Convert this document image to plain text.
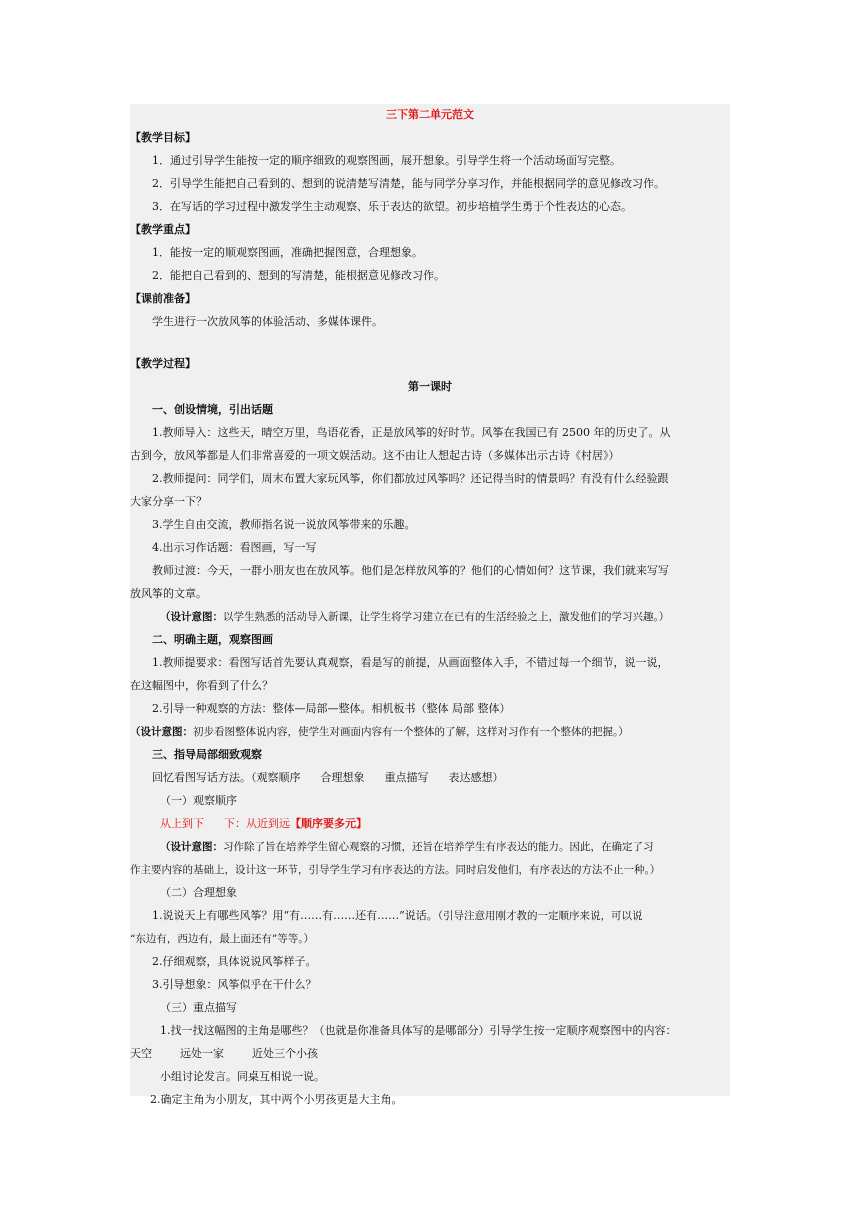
三下第二单元范文
【教学目标】
1．通过引导学生能按一定的顺序细致的观察图画，展开想象。引导学生将一个活动场面写完整。
2．引导学生能把自己看到的、想到的说清楚写清楚，能与同学分享习作，并能根据同学的意见修改习作。
3．在写话的学习过程中激发学生主动观察、乐于表达的欲望。初步培植学生勇于个性表达的心态。
【教学重点】
1．能按一定的顺观察图画，准确把握图意，合理想象。
2．能把自己看到的、想到的写清楚，能根据意见修改习作。
【课前准备】
学生进行一次放风筝的体验活动、多媒体课件。
【教学过程】
第一课时
一、创设情境，引出话题
1.教师导入：这些天，晴空万里，鸟语花香，正是放风筝的好时节。风筝在我国已有 2500 年的历史了。从
古到今，放风筝都是人们非常喜爱的一项文娱活动。这不由让人想起古诗（多媒体出示古诗《村居》）
2.教师提问：同学们，周末布置大家玩风筝，你们都放过风筝吗？还记得当时的情景吗？有没有什么经验跟
大家分享一下？
3.学生自由交流，教师指名说一说放风筝带来的乐趣。
4.出示习作话题：看图画，写一写
教师过渡：今天，一群小朋友也在放风筝。他们是怎样放风筝的？他们的心情如何？这节课，我们就来写写
放风筝的文章。
（设计意图：以学生熟悉的活动导入新课，让学生将学习建立在已有的生活经验之上，激发他们的学习兴趣。）
二、明确主题，观察图画
1.教师提要求：看图写话首先要认真观察，看是写的前提，从画面整体入手，不错过每一个细节，说一说，
在这幅图中，你看到了什么？
2.引导一种观察的方法：整体—局部—整体。相机板书（整体 局部 整体）
（设计意图：初步看图整体说内容，使学生对画面内容有一个整体的了解，这样对习作有一个整体的把握。）
三、指导局部细致观察
回忆看图写话方法。（观察顺序 合理想象 重点描写 表达感想）
（一）观察顺序
从上到下 下：从近到远【顺序要多元】
（设计意图：习作除了旨在培养学生留心观察的习惯，还旨在培养学生有序表达的能力。因此，在确定了习
作主要内容的基础上，设计这一环节，引导学生学习有序表达的方法。同时启发他们，有序表达的方法不止一种。）
（二）合理想象
1.说说天上有哪些风筝？用“有……有……还有……”说话。（引导注意用刚才教的一定顺序来说，可以说
“东边有，西边有，最上面还有”等等。）
2.仔细观察，具体说说风筝样子。
3.引导想象：风筝似乎在干什么？
（三）重点描写
1.找一找这幅图的主角是哪些？（也就是你准备具体写的是哪部分）引导学生按一定顺序观察图中的内容：
天空	远处一家	近处三个小孩
小组讨论发言。同桌互相说一说。
2.确定主角为小朋友，其中两个小男孩更是大主角。
